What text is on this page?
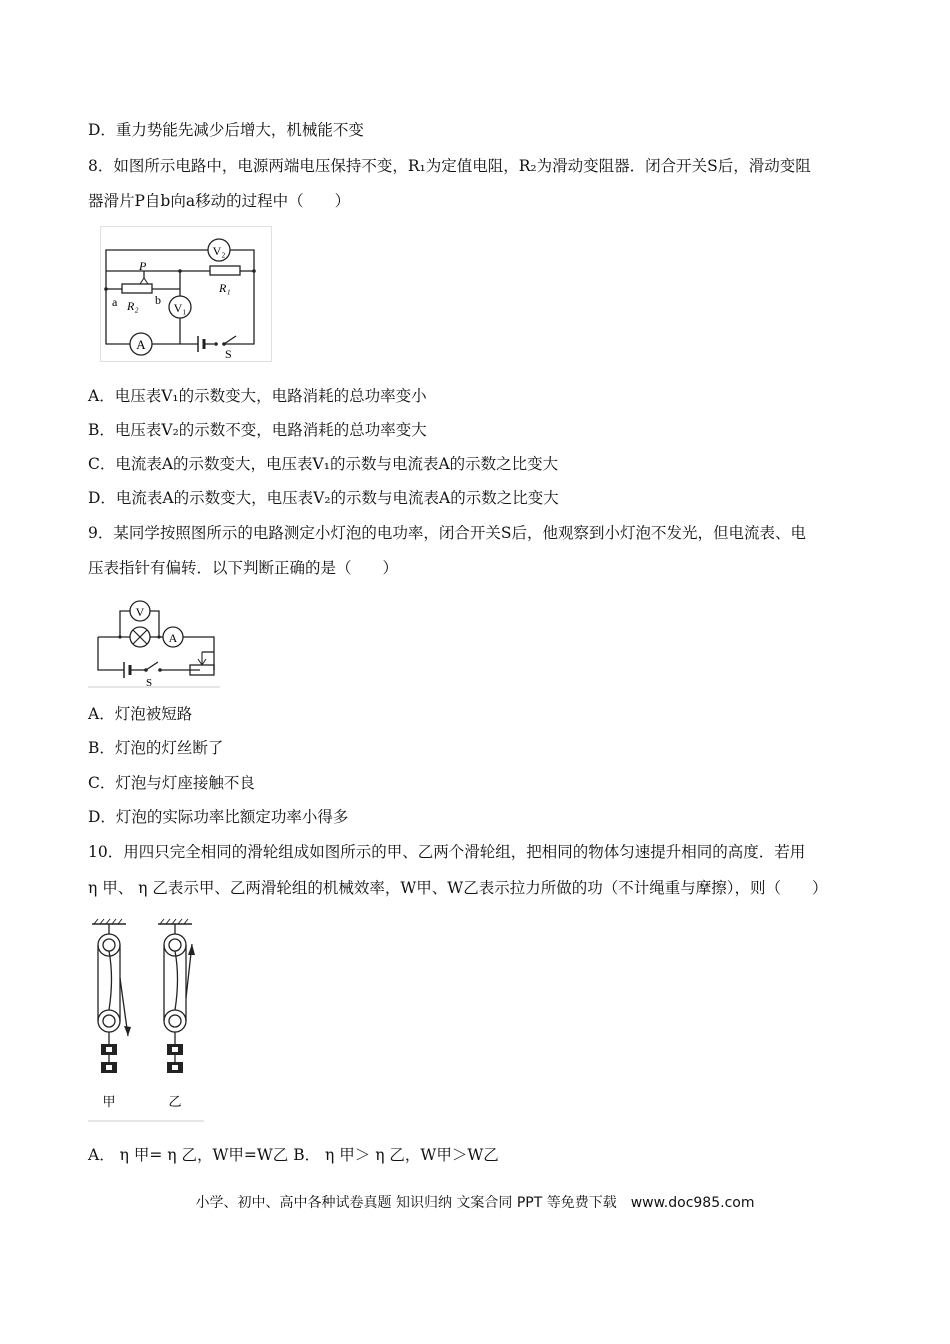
D．重力势能先减少后增大，机械能不变
8．如图所示电路中，电源两端电压保持不变，R₁为定值电阻，R₂为滑动变阻器．闭合开关S后，滑动变阻
器滑片P自b向a移动的过程中（　　）
V₂
V₁
A
P
a	b
R₂
R₁
S
A．电压表V₁的示数变大，电路消耗的总功率变小
B．电压表V₂的示数不变，电路消耗的总功率变大
C．电流表A的示数变大，电压表V₁的示数与电流表A的示数之比变大
D．电流表A的示数变大，电压表V₂的示数与电流表A的示数之比变大
9．某同学按照图所示的电路测定小灯泡的电功率，闭合开关S后，他观察到小灯泡不发光，但电流表、电
压表指针有偏转．以下判断正确的是（　　）
V
A
S
A．灯泡被短路
B．灯泡的灯丝断了
C．灯泡与灯座接触不良
D．灯泡的实际功率比额定功率小得多
10．用四只完全相同的滑轮组成如图所示的甲、乙两个滑轮组，把相同的物体匀速提升相同的高度．若用
η 甲、 η 乙表示甲、乙两滑轮组的机械效率，W甲、W乙表示拉力所做的功（不计绳重与摩擦），则（　　）
甲	乙
A． η 甲= η 乙，W甲=W乙 B． η 甲＞ η 乙，W甲＞W乙
小学、初中、高中各种试卷真题 知识归纳 文案合同 PPT 等免费下载　www.doc985.com
